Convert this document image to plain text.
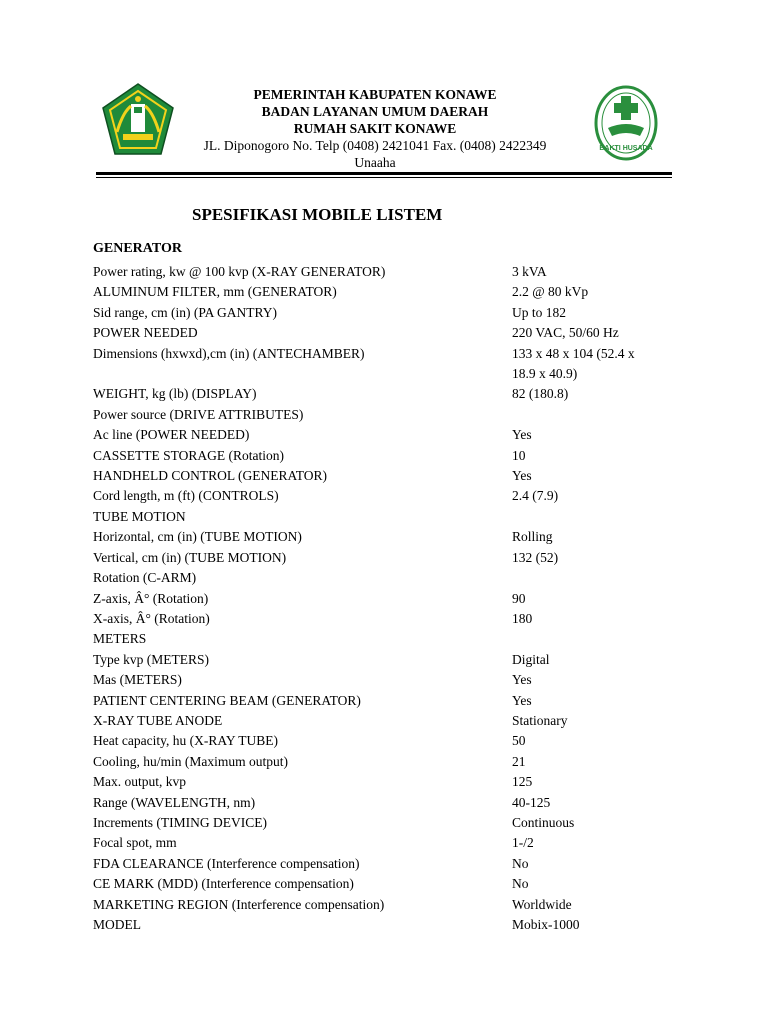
PEMERINTAH KABUPATEN KONAWE
BADAN LAYANAN UMUM DAERAH
RUMAH SAKIT KONAWE
JL. Diponogoro No. Telp (0408) 2421041 Fax. (0408) 2422349
Unaaha
BAKTI HUSADA
SPESIFIKASI MOBILE LISTEM
GENERATOR
Power rating, kw @ 100 kvp (X-RAY GENERATOR)	3 kVA
ALUMINUM FILTER, mm (GENERATOR)	2.2 @ 80 kVp
Sid range, cm (in) (PA GANTRY)	Up to 182
POWER NEEDED	220 VAC, 50/60 Hz
Dimensions (hxwxd),cm (in) (ANTECHAMBER)	133 x 48 x 104 (52.4 x
18.9 x 40.9)
WEIGHT, kg (lb) (DISPLAY)	82 (180.8)
Power source (DRIVE ATTRIBUTES)
Ac line (POWER NEEDED)	Yes
CASSETTE STORAGE (Rotation)	10
HANDHELD CONTROL (GENERATOR)	Yes
Cord length, m (ft) (CONTROLS)	2.4 (7.9)
TUBE MOTION
Horizontal, cm (in) (TUBE MOTION)	Rolling
Vertical, cm (in) (TUBE MOTION)	132 (52)
Rotation (C-ARM)
Z-axis, Â° (Rotation)	90
X-axis, Â° (Rotation)	180
METERS
Type kvp (METERS)	Digital
Mas (METERS)	Yes
PATIENT CENTERING BEAM (GENERATOR)	Yes
X-RAY TUBE ANODE	Stationary
Heat capacity, hu (X-RAY TUBE)	50
Cooling, hu/min (Maximum output)	21
Max. output, kvp	125
Range (WAVELENGTH, nm)	40-125
Increments (TIMING DEVICE)	Continuous
Focal spot, mm	1-/2
FDA CLEARANCE (Interference compensation)	No
CE MARK (MDD) (Interference compensation)	No
MARKETING REGION (Interference compensation)	Worldwide
MODEL	Mobix-1000
